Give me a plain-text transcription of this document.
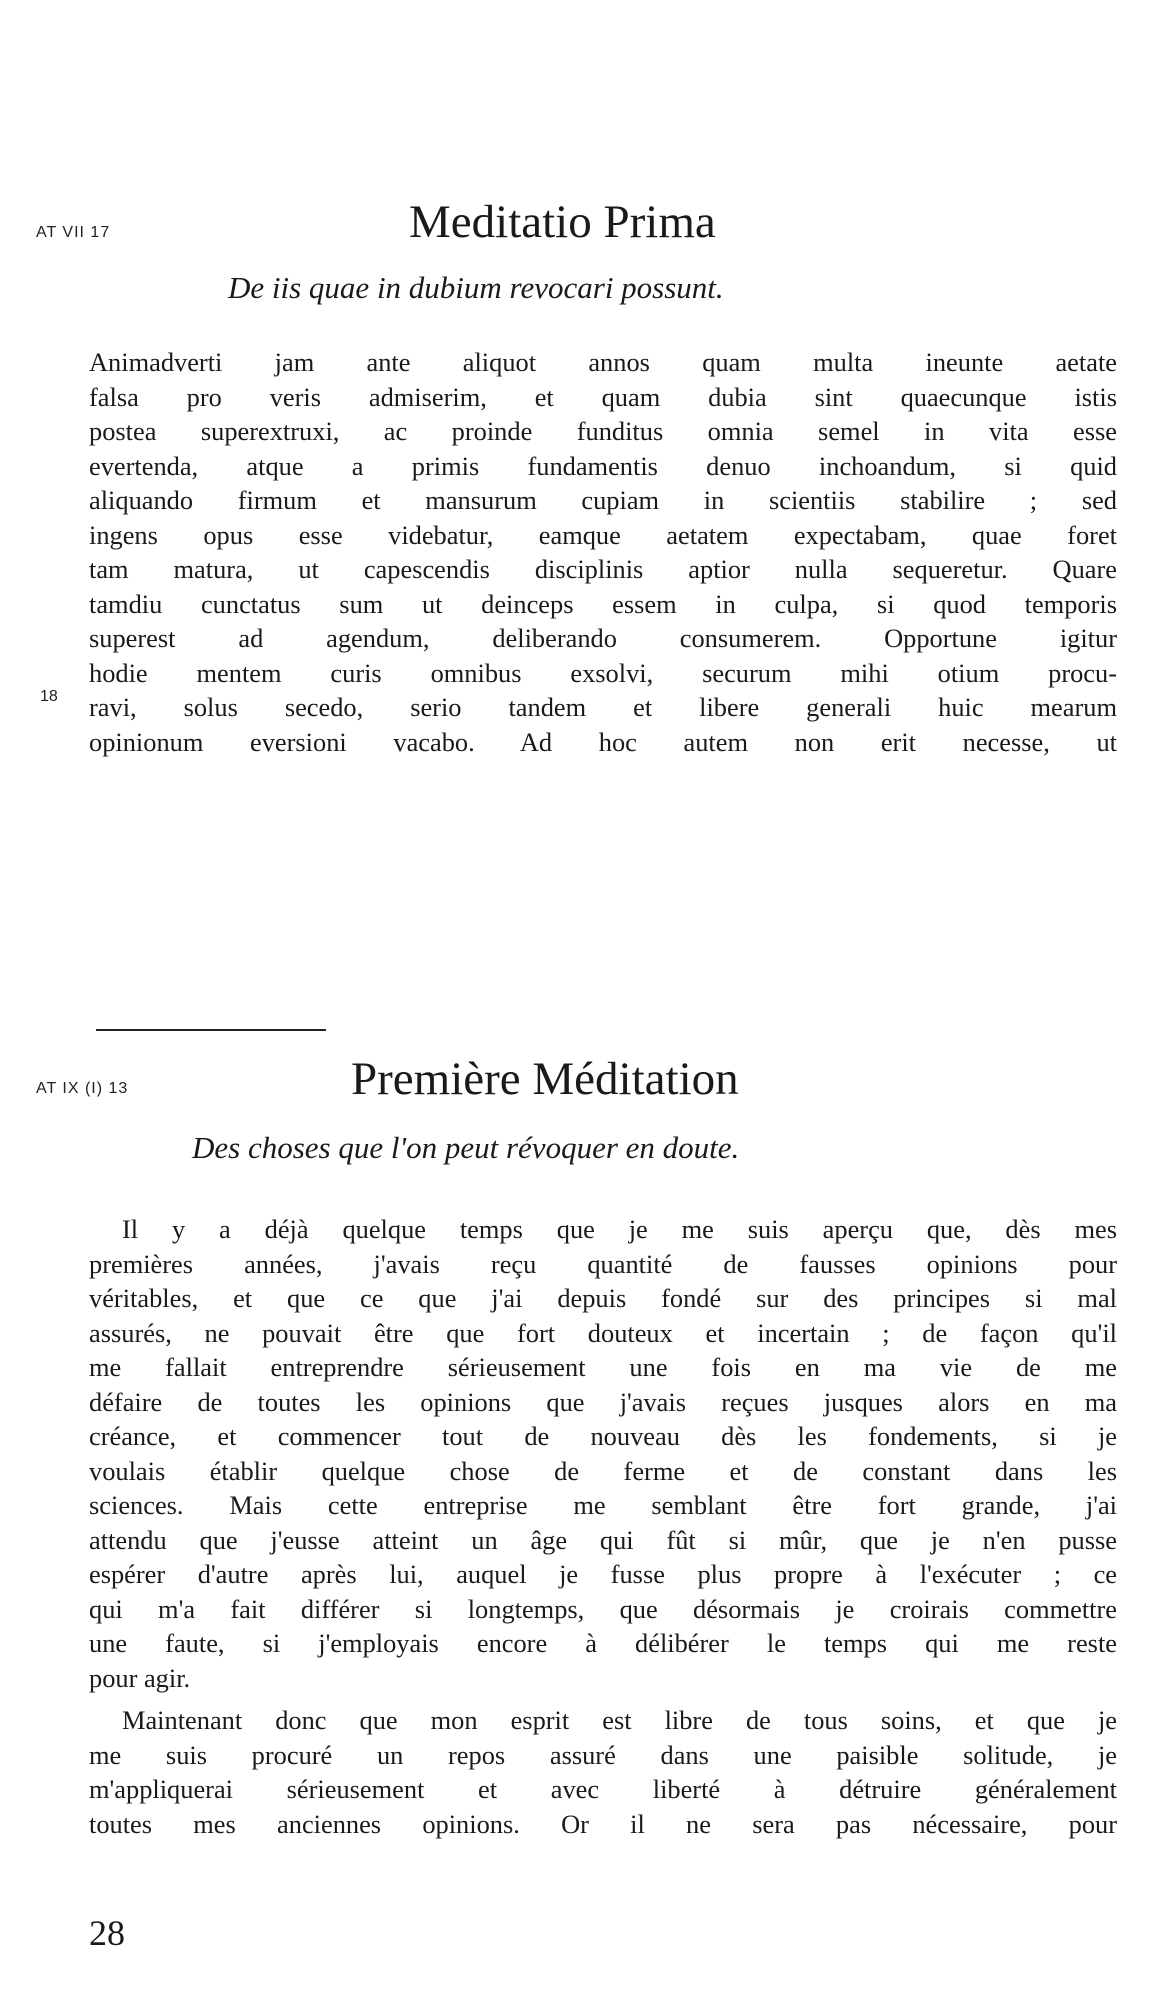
AT VII 17	Meditatio Prima
De iis quae in dubium revocari possunt.
18
Animadverti jam ante aliquot annos quam multa ineunte aetate
falsa pro veris admiserim, et quam dubia sint quaecunque istis
postea superextruxi, ac proinde funditus omnia semel in vita esse
evertenda, atque a primis fundamentis denuo inchoandum, si quid
aliquando firmum et mansurum cupiam in scientiis stabilire ; sed
ingens opus esse videbatur, eamque aetatem expectabam, quae foret
tam matura, ut capescendis disciplinis aptior nulla sequeretur. Quare
tamdiu cunctatus sum ut deinceps essem in culpa, si quod temporis
superest ad agendum, deliberando consumerem. Opportune igitur
hodie mentem curis omnibus exsolvi, securum mihi otium procu-
ravi, solus secedo, serio tandem et libere generali huic mearum
opinionum eversioni vacabo. Ad hoc autem non erit necesse, ut
AT IX (I) 13	Première Méditation
Des choses que l'on peut révoquer en doute.
Il y a déjà quelque temps que je me suis aperçu que, dès mes
premières années, j'avais reçu quantité de fausses opinions pour
véritables, et que ce que j'ai depuis fondé sur des principes si mal
assurés, ne pouvait être que fort douteux et incertain ; de façon qu'il
me fallait entreprendre sérieusement une fois en ma vie de me
défaire de toutes les opinions que j'avais reçues jusques alors en ma
créance, et commencer tout de nouveau dès les fondements, si je
voulais établir quelque chose de ferme et de constant dans les
sciences. Mais cette entreprise me semblant être fort grande, j'ai
attendu que j'eusse atteint un âge qui fût si mûr, que je n'en pusse
espérer d'autre après lui, auquel je fusse plus propre à l'exécuter ; ce
qui m'a fait différer si longtemps, que désormais je croirais commettre
une faute, si j'employais encore à délibérer le temps qui me reste
pour agir.
Maintenant donc que mon esprit est libre de tous soins, et que je
me suis procuré un repos assuré dans une paisible solitude, je
m'appliquerai sérieusement et avec liberté à détruire généralement
toutes mes anciennes opinions. Or il ne sera pas nécessaire, pour
28
